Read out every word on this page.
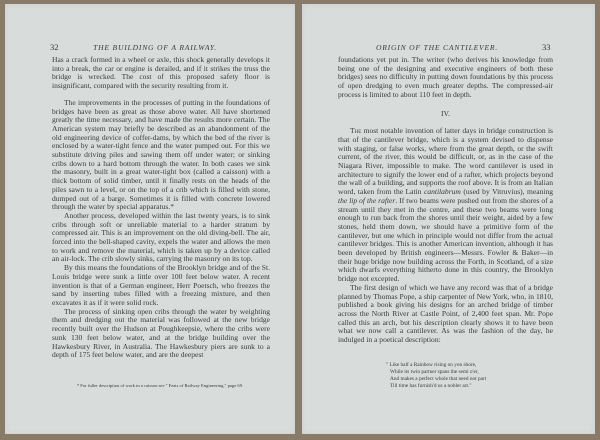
32	THE BUILDING OF A RAILWAY.

Has a crack formed in a wheel or axle, this shock generally develops it into a break, the car or engine is derailed, and if it strikes the truss the bridge is wrecked. The cost of this proposed safety floor is insignificant, compared with the security resulting from it.

The improvements in the processes of putting in the foundations of bridges have been as great as those above water. All have shortened greatly the time necessary, and have made the results more certain. The American system may briefly be described as an abandonment of the old engineering device of coffer-dams, by which the bed of the river is enclosed by a water-tight fence and the water pumped out. For this we substitute driving piles and sawing them off under water; or sinking cribs down to a hard bottom through the water. In both cases we sink the masonry, built in a great water-tight box (called a caisson) with a thick bottom of solid timber, until it finally rests on the heads of the piles sawn to a level, or on the top of a crib which is filled with stone, dumped out of a barge. Sometimes it is filled with concrete lowered through the water by special apparatus.*

Another process, developed within the last twenty years, is to sink cribs through soft or unreliable material to a harder stratum by compressed air. This is an improvement on the old diving-bell. The air, forced into the bell-shaped cavity, expels the water and allows the men to work and remove the material, which is taken up by a device called an air-lock. The crib slowly sinks, carrying the masonry on its top.

By this means the foundations of the Brooklyn bridge and of the St. Louis bridge were sunk a little over 100 feet below water. A recent invention is that of a German engineer, Herr Poetsch, who freezes the sand by inserting tubes filled with a freezing mixture, and then excavates it as if it were solid rock.

The process of sinking open cribs through the water by weighting them and dredging out the material was followed at the new bridge recently built over the Hudson at Poughkeepsie, where the cribs were sunk 130 feet below water, and at the bridge building over the Hawkesbury River, in Australia. The Hawkesbury piers are sunk to a depth of 175 feet below water, and are the deepest

* For fuller description of work in a caisson see " Feats of Railway Engineering," page 69.
ORIGIN OF THE CANTILEVER.	33

foundations yet put in. The writer (who derives his knowledge from being one of the designing and executive engineers of both these bridges) sees no difficulty in putting down foundations by this process of open dredging to even much greater depths. The compressed-air process is limited to about 110 feet in depth.

IV.

The most notable invention of latter days in bridge construction is that of the cantilever bridge, which is a system devised to dispense with staging, or false works, where from the great depth, or the swift current, of the river, this would be difficult, or, as in the case of the Niagara River, impossible to make. The word cantilever is used in architecture to signify the lower end of a rafter, which projects beyond the wall of a building, and supports the roof above. It is from an Italian word, taken from the Latin cantilabrum (used by Vitruvius), meaning the lip of the rafter. If two beams were pushed out from the shores of a stream until they met in the centre, and these two beams were long enough to run back from the shores until their weight, aided by a few stones, held them down, we should have a primitive form of the cantilever, but one which in principle would not differ from the actual cantilever bridges. This is another American invention, although it has been developed by British engineers—Messrs. Fowler & Baker—in their huge bridge now building across the Forth, in Scotland, of a size which dwarfs everything hitherto done in this country, the Brooklyn bridge not excepted.

The first design of which we have any record was that of a bridge planned by Thomas Pope, a ship carpenter of New York, who, in 1810, published a book giving his designs for an arched bridge of timber across the North River at Castle Point, of 2,400 feet span. Mr. Pope called this an arch, but his description clearly shows it to have been what we now call a cantilever. As was the fashion of the day, he indulged in a poetical description:

" Like half a Rainbow rising on yon shore,
While its twin partner spans the semi o'er,
And makes a perfect whole that need not part
Till time has furnish'd us a nobler art."
